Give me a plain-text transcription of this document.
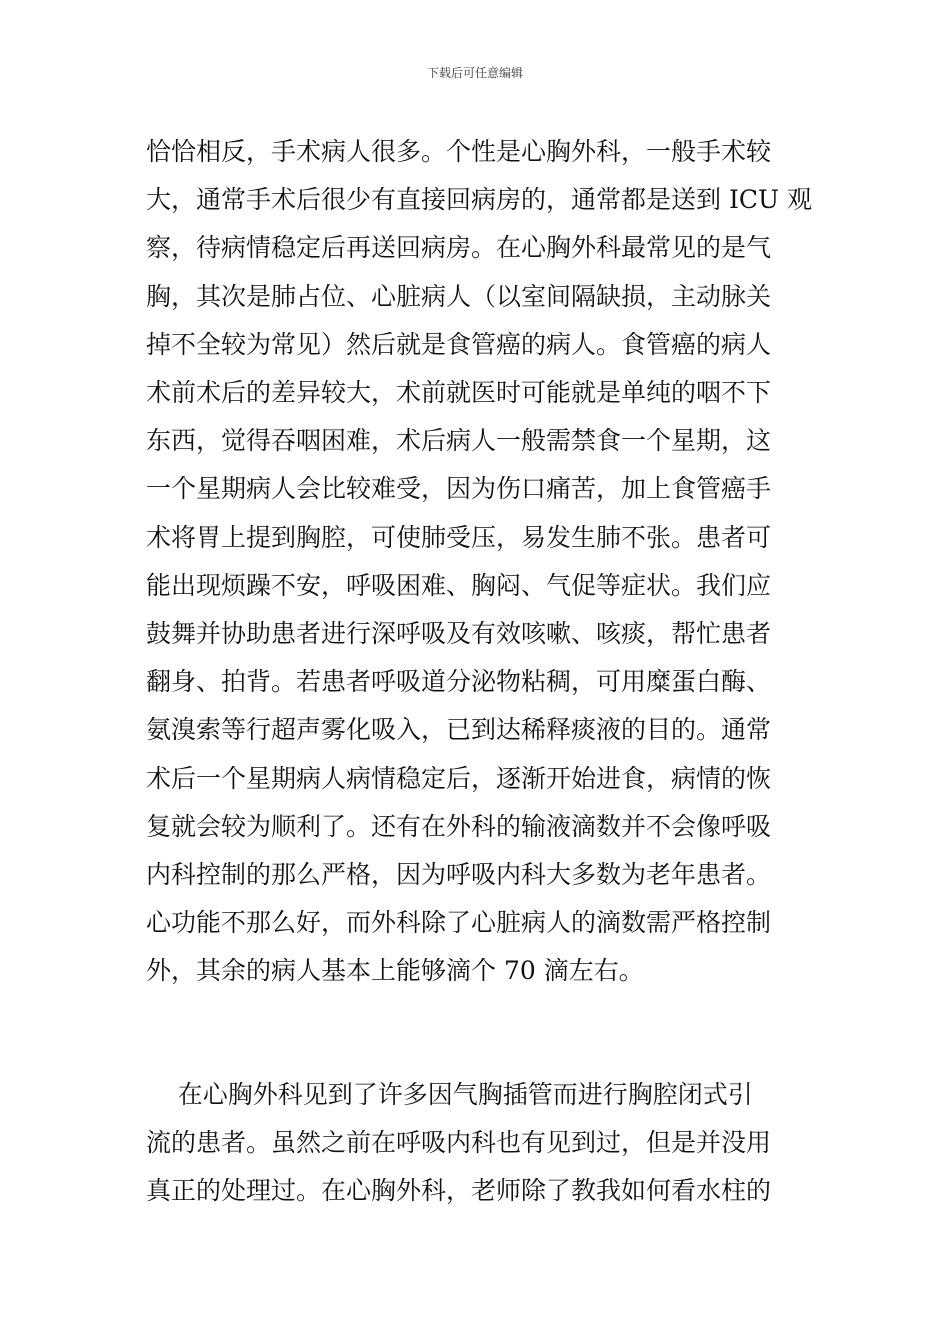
下载后可任意编辑
恰恰相反，手术病人很多。个性是心胸外科，一般手术较
大，通常手术后很少有直接回病房的，通常都是送到 ICU 观
察，待病情稳定后再送回病房。在心胸外科最常见的是气
胸，其次是肺占位、心脏病人（以室间隔缺损，主动脉关
掉不全较为常见）然后就是食管癌的病人。食管癌的病人
术前术后的差异较大，术前就医时可能就是单纯的咽不下
东西，觉得吞咽困难，术后病人一般需禁食一个星期，这
一个星期病人会比较难受，因为伤口痛苦，加上食管癌手
术将胃上提到胸腔，可使肺受压，易发生肺不张。患者可
能出现烦躁不安，呼吸困难、胸闷、气促等症状。我们应
鼓舞并协助患者进行深呼吸及有效咳嗽、咳痰，帮忙患者
翻身、拍背。若患者呼吸道分泌物粘稠，可用糜蛋白酶、
氨溴索等行超声雾化吸入，已到达稀释痰液的目的。通常
术后一个星期病人病情稳定后，逐渐开始进食，病情的恢
复就会较为顺利了。还有在外科的输液滴数并不会像呼吸
内科控制的那么严格，因为呼吸内科大多数为老年患者。
心功能不那么好，而外科除了心脏病人的滴数需严格控制
外，其余的病人基本上能够滴个 70 滴左右。
在心胸外科见到了许多因气胸插管而进行胸腔闭式引
流的患者。虽然之前在呼吸内科也有见到过，但是并没用
真正的处理过。在心胸外科，老师除了教我如何看水柱的
